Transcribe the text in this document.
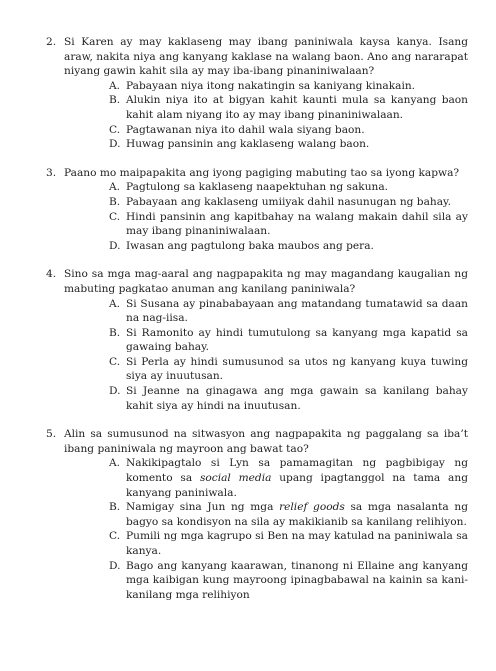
2. Si Karen ay may kaklaseng may ibang paniniwala kaysa kanya. Isang araw, nakita niya ang kanyang kaklase na walang baon. Ano ang nararapat niyang gawin kahit sila ay may iba-ibang pinaniniwalaan?
A. Pabayaan niya itong nakatingin sa kaniyang kinakain.
B. Alukin niya ito at bigyan kahit kaunti mula sa kanyang baon kahit alam niyang ito ay may ibang pinaniniwalaan.
C. Pagtawanan niya ito dahil wala siyang baon.
D. Huwag pansinin ang kaklaseng walang baon.
3. Paano mo maipapakita ang iyong pagiging mabuting tao sa iyong kapwa?
A. Pagtulong sa kaklaseng naapektuhan ng sakuna.
B. Pabayaan ang kaklaseng umiiyak dahil nasunugan ng bahay.
C. Hindi pansinin ang kapitbahay na walang makain dahil sila ay may ibang pinaniniwalaan.
D. Iwasan ang pagtulong baka maubos ang pera.
4. Sino sa mga mag-aaral ang nagpapakita ng may magandang kaugalian ng mabuting pagkatao anuman ang kanilang paniniwala?
A. Si Susana ay pinababayaan ang matandang tumatawid sa daan na nag-iisa.
B. Si Ramonito ay hindi tumutulong sa kanyang mga kapatid sa gawaing bahay.
C. Si Perla ay hindi sumusunod sa utos ng kanyang kuya tuwing siya ay inuutusan.
D. Si Jeanne na ginagawa ang mga gawain sa kanilang bahay kahit siya ay hindi na inuutusan.
5. Alin sa sumusunod na sitwasyon ang nagpapakita ng paggalang sa iba’t ibang paniniwala ng mayroon ang bawat tao?
A. Nakikipagtalo si Lyn sa pamamagitan ng pagbibigay ng komento sa social media upang ipagtanggol na tama ang kanyang paniniwala.
B. Namigay sina Jun ng mga relief goods sa mga nasalanta ng bagyo sa kondisyon na sila ay makikianib sa kanilang relihiyon.
C. Pumili ng mga kagrupo si Ben na may katulad na paniniwala sa kanya.
D. Bago ang kanyang kaarawan, tinanong ni Ellaine ang kanyang mga kaibigan kung mayroong ipinagbabawal na kainin sa kani-kanilang mga relihiyon
